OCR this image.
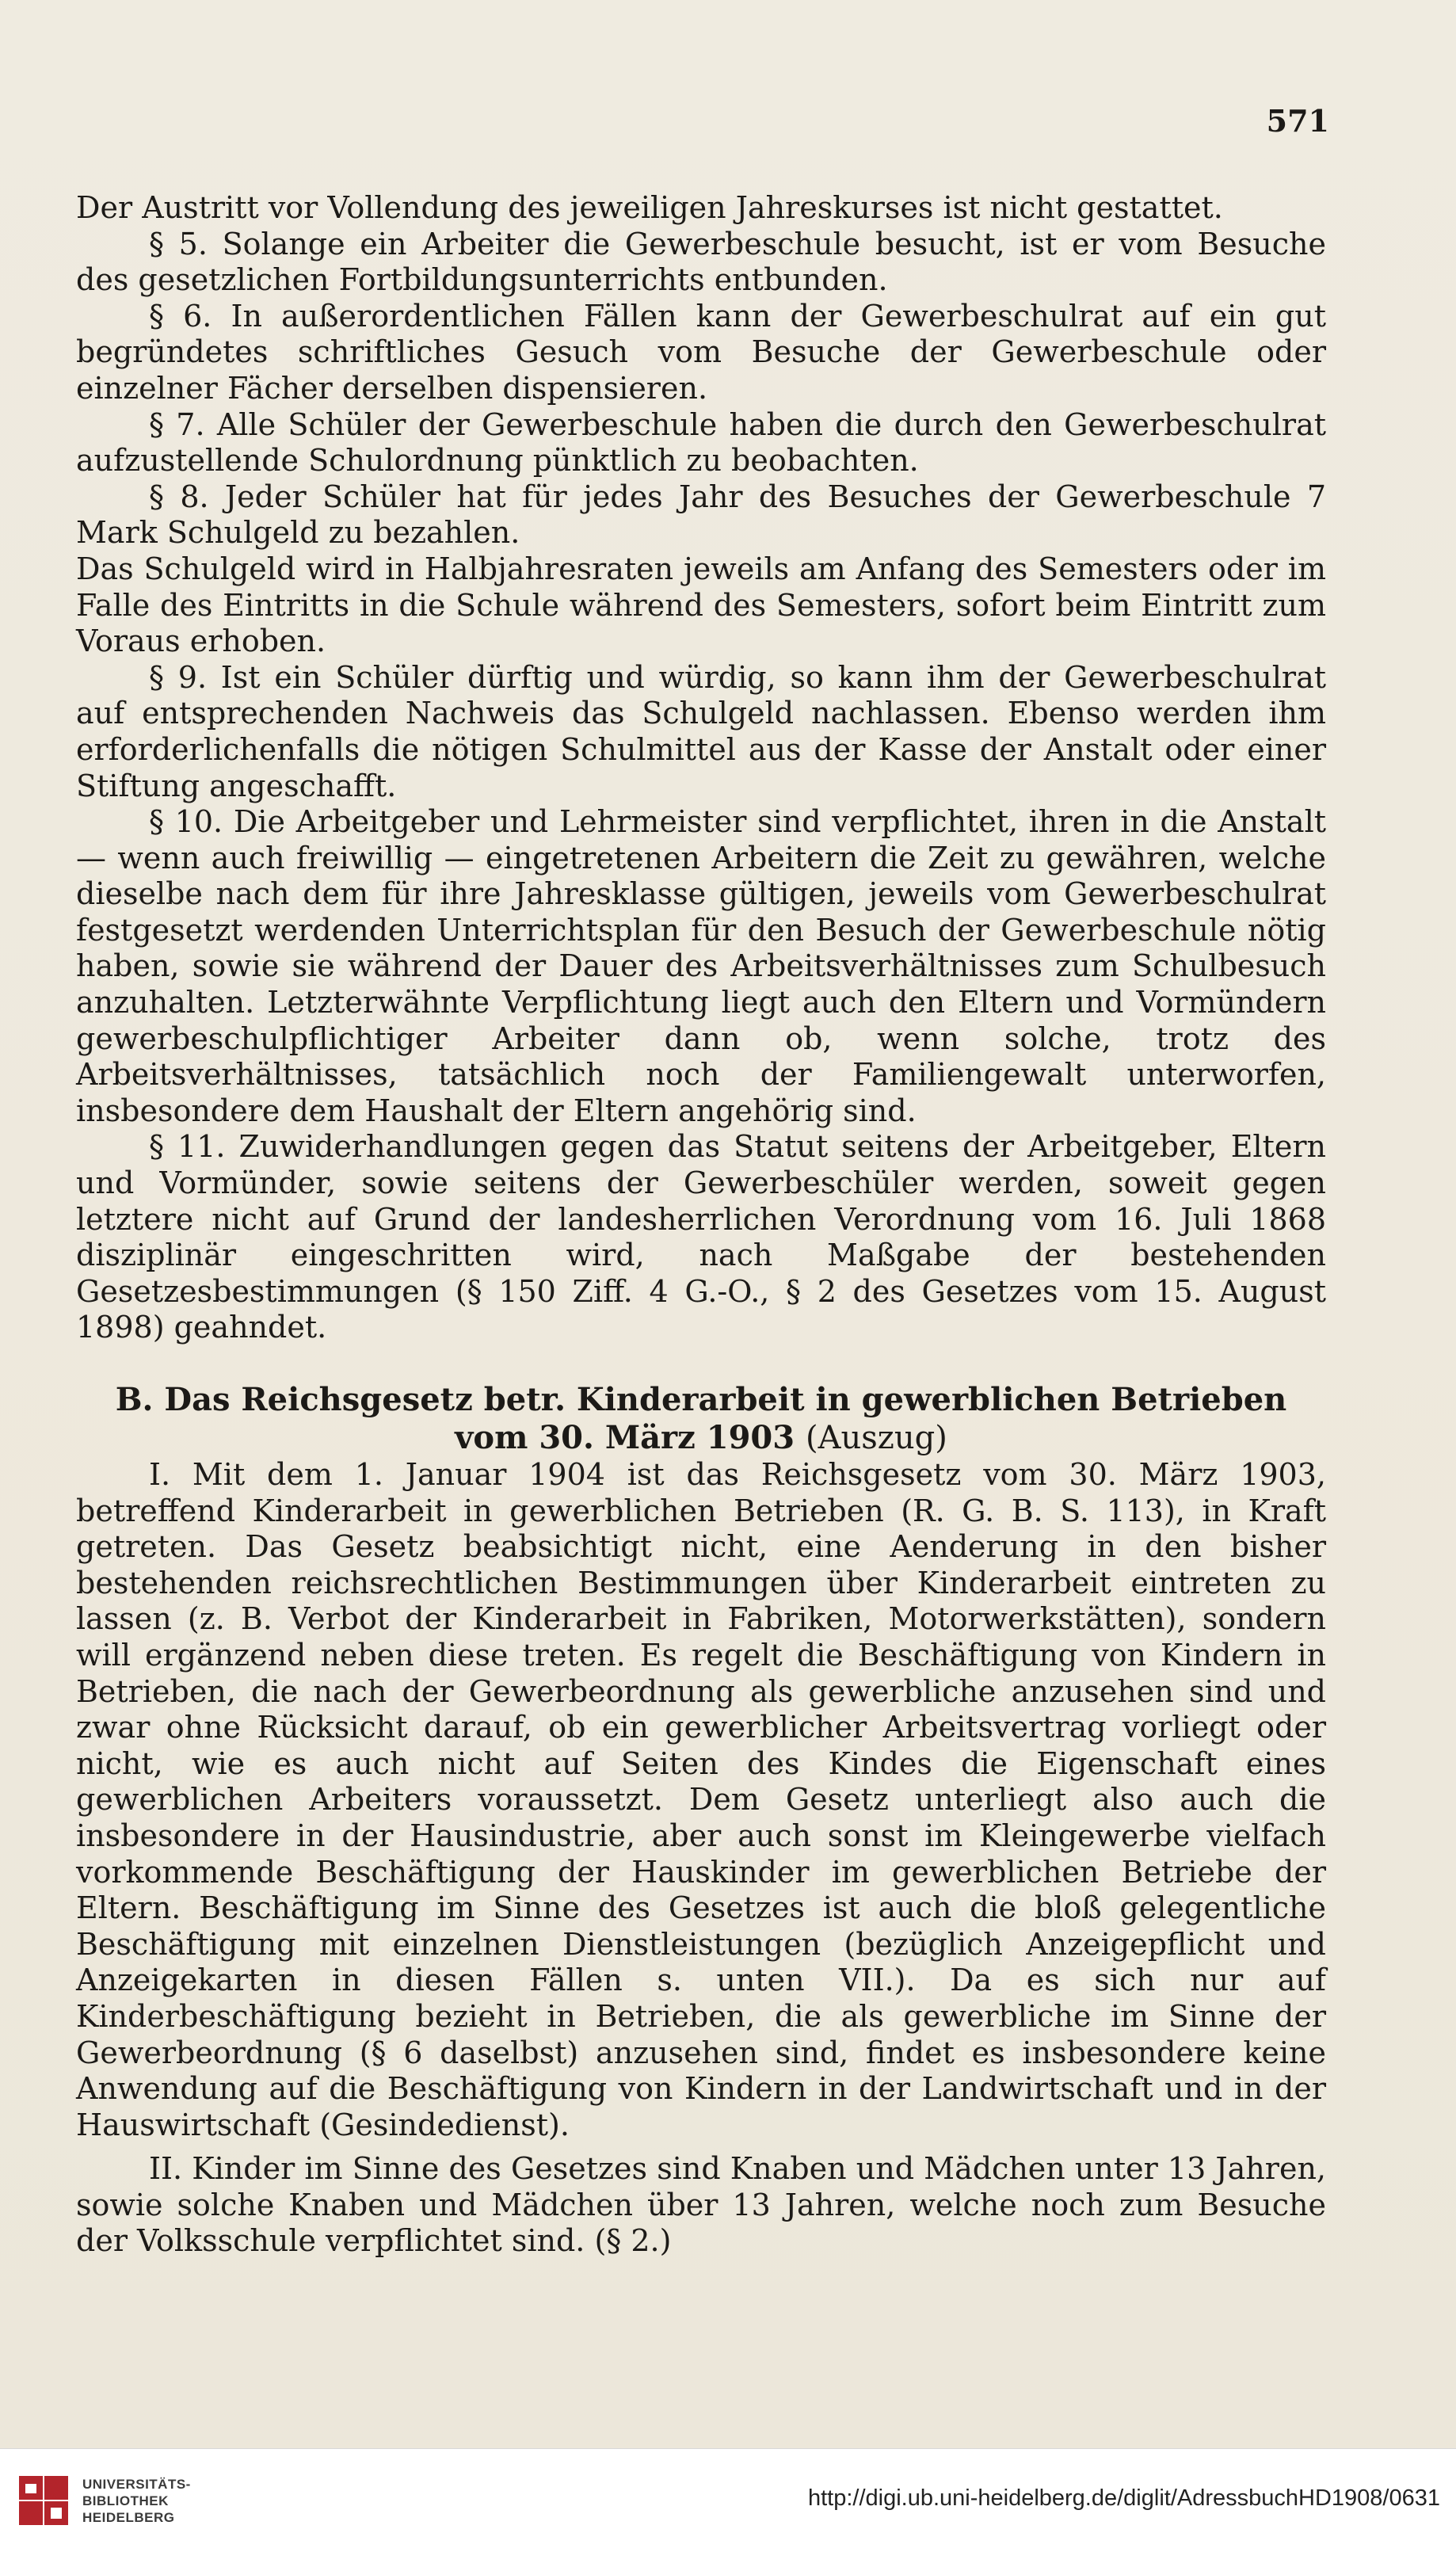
571

Der Austritt vor Vollendung des jeweiligen Jahreskurses ist nicht gestattet.

§ 5. Solange ein Arbeiter die Gewerbeschule besucht, ist er vom Besuche des gesetzlichen Fortbildungsunterrichts entbunden.

§ 6. In außerordentlichen Fällen kann der Gewerbeschulrat auf ein gut begründetes schriftliches Gesuch vom Besuche der Gewerbeschule oder einzelner Fächer derselben dispensieren.

§ 7. Alle Schüler der Gewerbeschule haben die durch den Gewerbeschulrat aufzustellende Schulordnung pünktlich zu beobachten.

§ 8. Jeder Schüler hat für jedes Jahr des Besuches der Gewerbeschule 7 Mark Schulgeld zu bezahlen.

Das Schulgeld wird in Halbjahresraten jeweils am Anfang des Semesters oder im Falle des Eintritts in die Schule während des Semesters, sofort beim Eintritt zum Voraus erhoben.

§ 9. Ist ein Schüler dürftig und würdig, so kann ihm der Gewerbeschulrat auf entsprechenden Nachweis das Schulgeld nachlassen. Ebenso werden ihm erforderlichenfalls die nötigen Schulmittel aus der Kasse der Anstalt oder einer Stiftung angeschafft.

§ 10. Die Arbeitgeber und Lehrmeister sind verpflichtet, ihren in die Anstalt — wenn auch freiwillig — eingetretenen Arbeitern die Zeit zu gewähren, welche dieselbe nach dem für ihre Jahresklasse gültigen, jeweils vom Gewerbeschulrat festgesetzt werdenden Unterrichtsplan für den Besuch der Gewerbeschule nötig haben, sowie sie während der Dauer des Arbeitsverhältnisses zum Schulbesuch anzuhalten. Letzterwähnte Verpflichtung liegt auch den Eltern und Vormündern gewerbeschulpflichtiger Arbeiter dann ob, wenn solche, trotz des Arbeitsverhältnisses, tatsächlich noch der Familiengewalt unterworfen, insbesondere dem Haushalt der Eltern angehörig sind.

§ 11. Zuwiderhandlungen gegen das Statut seitens der Arbeitgeber, Eltern und Vormünder, sowie seitens der Gewerbeschüler werden, soweit gegen letztere nicht auf Grund der landesherrlichen Verordnung vom 16. Juli 1868 disziplinär eingeschritten wird, nach Maßgabe der bestehenden Gesetzesbestimmungen (§ 150 Ziff. 4 G.-O., § 2 des Gesetzes vom 15. August 1898) geahndet.

B. Das Reichsgesetz betr. Kinderarbeit in gewerblichen Betrieben vom 30. März 1903 (Auszug)

I. Mit dem 1. Januar 1904 ist das Reichsgesetz vom 30. März 1903, betreffend Kinderarbeit in gewerblichen Betrieben (R. G. B. S. 113), in Kraft getreten. Das Gesetz beabsichtigt nicht, eine Aenderung in den bisher bestehenden reichsrechtlichen Bestimmungen über Kinderarbeit eintreten zu lassen (z. B. Verbot der Kinderarbeit in Fabriken, Motorwerkstätten), sondern will ergänzend neben diese treten. Es regelt die Beschäftigung von Kindern in Betrieben, die nach der Gewerbeordnung als gewerbliche anzusehen sind und zwar ohne Rücksicht darauf, ob ein gewerblicher Arbeitsvertrag vorliegt oder nicht, wie es auch nicht auf Seiten des Kindes die Eigenschaft eines gewerblichen Arbeiters voraussetzt. Dem Gesetz unterliegt also auch die insbesondere in der Hausindustrie, aber auch sonst im Kleingewerbe vielfach vorkommende Beschäftigung der Hauskinder im gewerblichen Betriebe der Eltern. Beschäftigung im Sinne des Gesetzes ist auch die bloß gelegentliche Beschäftigung mit einzelnen Dienstleistungen (bezüglich Anzeigepflicht und Anzeigekarten in diesen Fällen s. unten VII.). Da es sich nur auf Kinderbeschäftigung bezieht in Betrieben, die als gewerbliche im Sinne der Gewerbeordnung (§ 6 daselbst) anzusehen sind, findet es insbesondere keine Anwendung auf die Beschäftigung von Kindern in der Landwirtschaft und in der Hauswirtschaft (Gesindedienst).

II. Kinder im Sinne des Gesetzes sind Knaben und Mädchen unter 13 Jahren, sowie solche Knaben und Mädchen über 13 Jahren, welche noch zum Besuche der Volksschule verpflichtet sind. (§ 2.)

UNIVERSITÄTS-
BIBLIOTHEK
HEIDELBERG
http://digi.ub.uni-heidelberg.de/diglit/AdressbuchHD1908/0631
